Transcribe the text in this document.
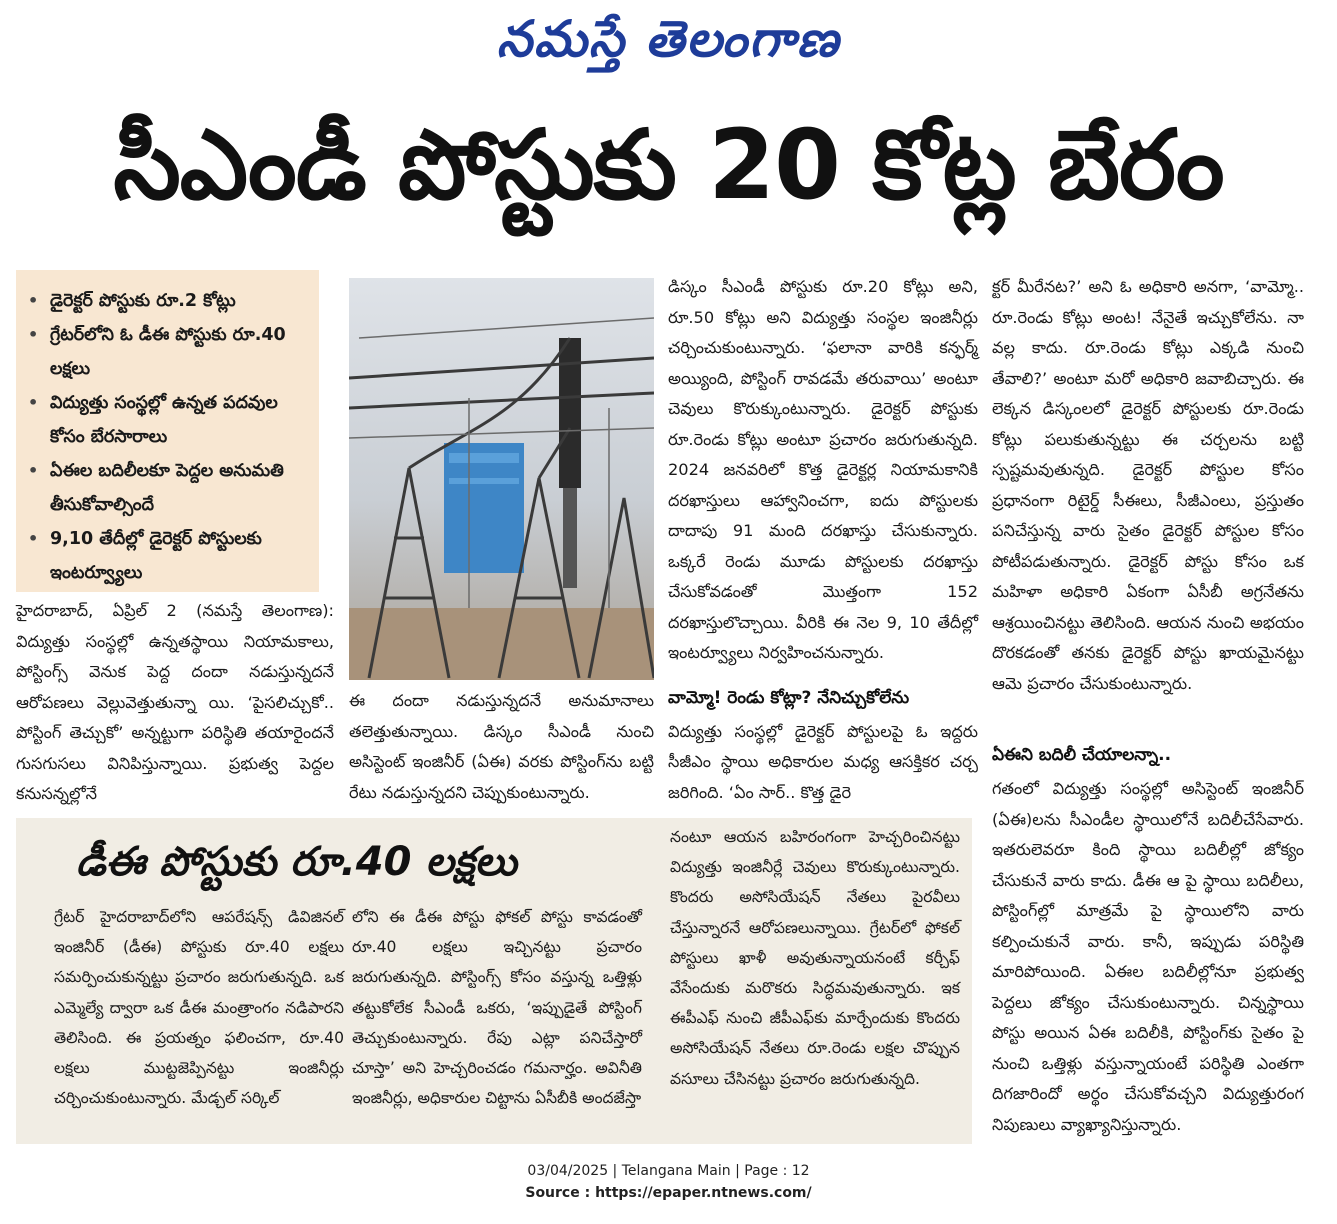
నమస్తే తెలంగాణ
సీఎండీ పోస్టుకు 20 కోట్ల బేరం
• డైరెక్టర్ పోస్టుకు రూ.2 కోట్లు
• గ్రేటర్‌లోని ఓ డీఈ పోస్టుకు రూ.40 లక్షలు
• విద్యుత్తు సంస్థల్లో ఉన్నత పదవుల కోసం బేరసారాలు
• ఏఈల బదిలీలకూ పెద్దల అనుమతి తీసుకోవాల్సిందే
• 9,10 తేదీల్లో డైరెక్టర్ పోస్టులకు ఇంటర్వ్యూలు
హైదరాబాద్, ఏప్రిల్ 2 (నమస్తే తెలంగాణ): విద్యుత్తు సంస్థల్లో ఉన్నతస్థాయి నియామకాలు, పోస్టింగ్స్ వెనుక పెద్ద దందా నడుస్తున్నదనే ఆరోపణలు వెల్లువెత్తుతున్నా యి. ‘పైసలిచ్చుకో.. పోస్టింగ్ తెచ్చుకో’ అన్నట్టుగా పరిస్థితి తయారైందనే గుసగుసలు వినిపిస్తున్నాయి. ప్రభుత్వ పెద్దల కనుసన్నల్లోనే
ఈ దందా నడుస్తున్నదనే అనుమానాలు తలెత్తుతున్నాయి. డిస్కం సీఎండీ నుంచి అసిస్టెంట్ ఇంజినీర్ (ఏఈ) వరకు పోస్టింగ్‌ను బట్టి రేటు నడుస్తున్నదని చెప్పుకుంటున్నారు.
డిస్కం సీఎండీ పోస్టుకు రూ.20 కోట్లు అని, రూ.50 కోట్లు అని విద్యుత్తు సంస్థల ఇంజినీర్లు చర్చించుకుంటున్నారు. ‘ఫలానా వారికి కన్ఫర్మ్ అయ్యింది, పోస్టింగ్ రావడమే తరువాయి’ అంటూ చెవులు కొరుక్కుంటున్నారు. డైరెక్టర్ పోస్టుకు రూ.రెండు కోట్లు అంటూ ప్రచారం జరుగుతున్నది. 2024 జనవరిలో కొత్త డైరెక్టర్ల నియామకానికి దరఖాస్తులు ఆహ్వానించగా, ఐదు పోస్టులకు దాదాపు 91 మంది దరఖాస్తు చేసుకున్నారు. ఒక్కరే రెండు మూడు పోస్టులకు దరఖాస్తు చేసుకోవడంతో మొత్తంగా 152 దరఖాస్తులొచ్చాయి. వీరికి ఈ నెల 9, 10 తేదీల్లో ఇంటర్వ్యూలు నిర్వహించనున్నారు.
వామ్మో! రెండు కోట్లా? నేనిచ్చుకోలేను
విద్యుత్తు సంస్థల్లో డైరెక్టర్ పోస్టులపై ఓ ఇద్దరు సీజీఎం స్థాయి అధికారుల మధ్య ఆసక్తికర చర్చ జరిగింది. ‘ఏం సార్.. కొత్త డైరె
క్టర్ మీరేనట?’ అని ఓ అధికారి అనగా, ‘వామ్మో.. రూ.రెండు కోట్లు అంట! నేనైతే ఇచ్చుకోలేను. నా వల్ల కాదు. రూ.రెండు కోట్లు ఎక్కడి నుంచి తేవాలి?’ అంటూ మరో అధికారి జవాబిచ్చారు. ఈ లెక్కన డిస్కంలలో డైరెక్టర్ పోస్టులకు రూ.రెండు కోట్లు పలుకుతున్నట్టు ఈ చర్చలను బట్టి స్పష్టమవుతున్నది. డైరెక్టర్ పోస్టుల కోసం ప్రధానంగా రిటైర్డ్ సీఈలు, సీజీఎంలు, ప్రస్తుతం పనిచేస్తున్న వారు సైతం డైరెక్టర్ పోస్టుల కోసం పోటీపడుతున్నారు. డైరెక్టర్ పోస్టు కోసం ఒక మహిళా అధికారి ఏకంగా ఏసీబీ అగ్రనేతను ఆశ్రయించినట్టు తెలిసింది. ఆయన నుంచి అభయం దొరకడంతో తనకు డైరెక్టర్ పోస్టు ఖాయమైనట్టు ఆమె ప్రచారం చేసుకుంటున్నారు.
ఏఈని బదిలీ చేయాలన్నా..
గతంలో విద్యుత్తు సంస్థల్లో అసిస్టెంట్ ఇంజినీర్ (ఏఈ)లను సీఎండీల స్థాయిలోనే బదిలీచేసేవారు. ఇతరులెవరూ కింది స్థాయి బదిలీల్లో జోక్యం చేసుకునే వారు కాదు. డీఈ ఆ పై స్థాయి బదిలీలు, పోస్టింగ్‌ల్లో మాత్రమే పై స్థాయిలోని వారు కల్పించుకునే వారు. కానీ, ఇప్పుడు పరిస్థితి మారిపోయింది. ఏఈల బదిలీల్లోనూ ప్రభుత్వ పెద్దలు జోక్యం చేసుకుంటున్నారు. చిన్నస్థాయి పోస్టు అయిన ఏఈ బదిలీకి, పోస్టింగ్‌కు సైతం పై నుంచి ఒత్తిళ్లు వస్తున్నాయంటే పరిస్థితి ఎంతగా దిగజారిందో అర్థం చేసుకోవచ్చని విద్యుత్తురంగ నిపుణులు వ్యాఖ్యానిస్తున్నారు.
డీఈ పోస్టుకు రూ.40 లక్షలు
గ్రేటర్ హైదరాబాద్‌లోని ఆపరేషన్స్ డివిజినల్ ఇంజినీర్ (డీఈ) పోస్టుకు రూ.40 లక్షలు సమర్పించుకున్నట్టు ప్రచారం జరుగుతున్నది. ఒక ఎమ్మెల్యే ద్వారా ఒక డీఈ మంత్రాంగం నడిపారని తెలిసింది. ఈ ప్రయత్నం ఫలించగా, రూ.40 లక్షలు ముట్టజెప్పినట్టు ఇంజినీర్లు చర్చించుకుంటున్నారు. మేడ్చల్ సర్కిల్
లోని ఈ డీఈ పోస్టు ఫోకల్ పోస్టు కావడంతో రూ.40 లక్షలు ఇచ్చినట్టు ప్రచారం జరుగుతున్నది. పోస్టింగ్స్ కోసం వస్తున్న ఒత్తిళ్లు తట్టుకోలేక సీఎండీ ఒకరు, ‘ఇప్పుడైతే పోస్టింగ్ తెచ్చుకుంటున్నారు. రేపు ఎట్లా పనిచేస్తారో చూస్తా’ అని హెచ్చరించడం గమనార్హం. అవినీతి ఇంజినీర్లు, అధికారుల చిట్టాను ఏసీబీకి అందజేస్తా
నంటూ ఆయన బహిరంగంగా హెచ్చరించినట్టు విద్యుత్తు ఇంజినీర్లే చెవులు కొరుక్కుంటున్నారు. కొందరు అసోసియేషన్ నేతలు పైరవీలు చేస్తున్నారనే ఆరోపణలున్నాయి. గ్రేటర్‌లో ఫోకల్ పోస్టులు ఖాళీ అవుతున్నాయనంటే కర్చీఫ్ వేసేందుకు మరొకరు సిద్ధమవుతున్నారు. ఇక ఈపీఎఫ్ నుంచి జీపీఎఫ్‌కు మార్చేందుకు కొందరు అసోసియేషన్ నేతలు రూ.రెండు లక్షల చొప్పున వసూలు చేసినట్టు ప్రచారం జరుగుతున్నది.
03/04/2025 | Telangana Main | Page : 12
Source : https://epaper.ntnews.com/
